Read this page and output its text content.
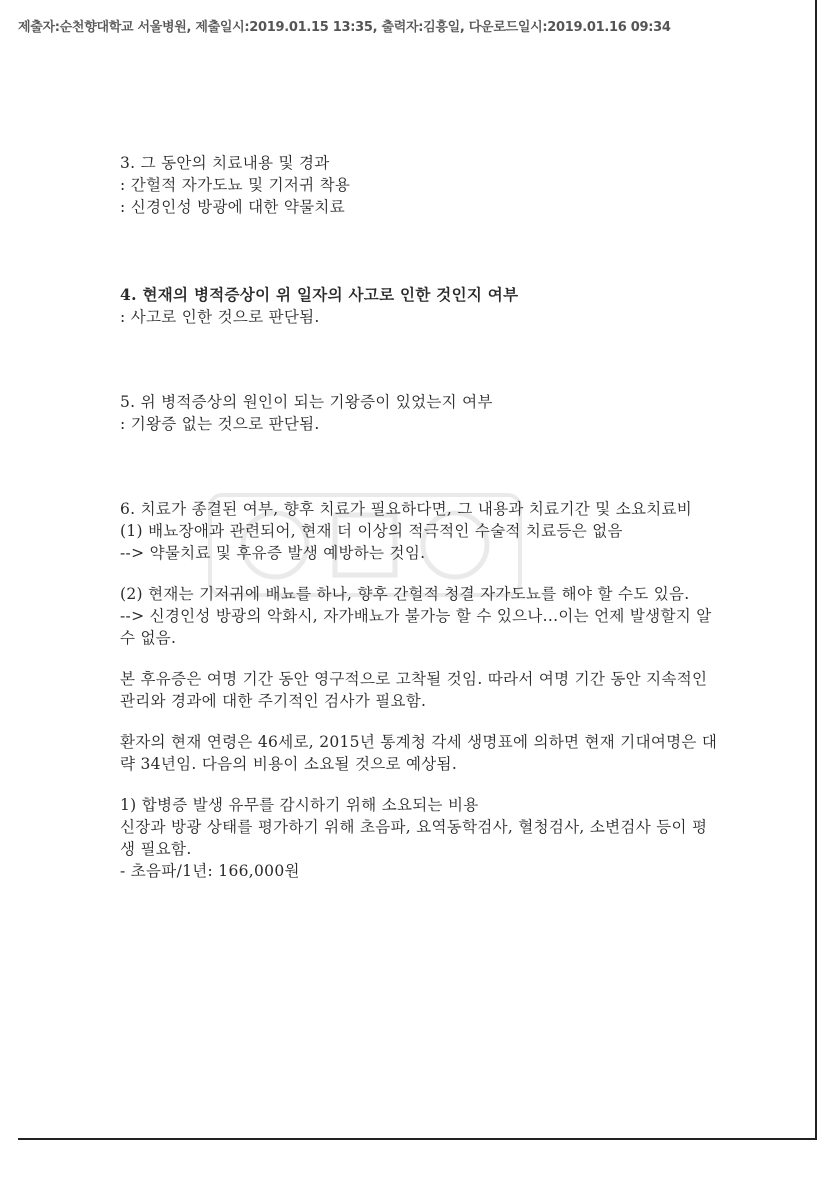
제출자:순천향대학교 서울병원, 제출일시:2019.01.15 13:35, 출력자:김흥일, 다운로드일시:2019.01.16 09:34

3. 그 동안의 치료내용 및 경과

: 간헐적 자가도뇨 및 기저귀 착용

: 신경인성 방광에 대한 약물치료

4. 현재의 병적증상이 위 일자의 사고로 인한 것인지 여부

: 사고로 인한 것으로 판단됨.

5. 위 병적증상의 원인이 되는 기왕증이 있었는지 여부

: 기왕증 없는 것으로 판단됨.

6. 치료가 종결된 여부, 향후 치료가 필요하다면, 그 내용과 치료기간 및 소요치료비

(1) 배뇨장애과 관련되어, 현재 더 이상의 적극적인 수술적 치료등은 없음

--> 약물치료 및 후유증 발생 예방하는 것임.

(2) 현재는 기저귀에 배뇨를 하나, 향후 간헐적 청결 자가도뇨를 해야 할 수도 있음.

--> 신경인성 방광의 악화시, 자가배뇨가 불가능 할 수 있으나...이는 언제 발생할지 알 수 없음.

본 후유증은 여명 기간 동안 영구적으로 고착될 것임. 따라서 여명 기간 동안 지속적인 관리와 경과에 대한 주기적인 검사가 필요함.

환자의 현재 연령은 46세로, 2015년 통계청 각세 생명표에 의하면 현재 기대여명은 대략 34년임. 다음의 비용이 소요될 것으로 예상됨.

1) 합병증 발생 유무를 감시하기 위해 소요되는 비용

신장과 방광 상태를 평가하기 위해 초음파, 요역동학검사, 혈청검사, 소변검사 등이 평생 필요함.

- 초음파/1년: 166,000원
